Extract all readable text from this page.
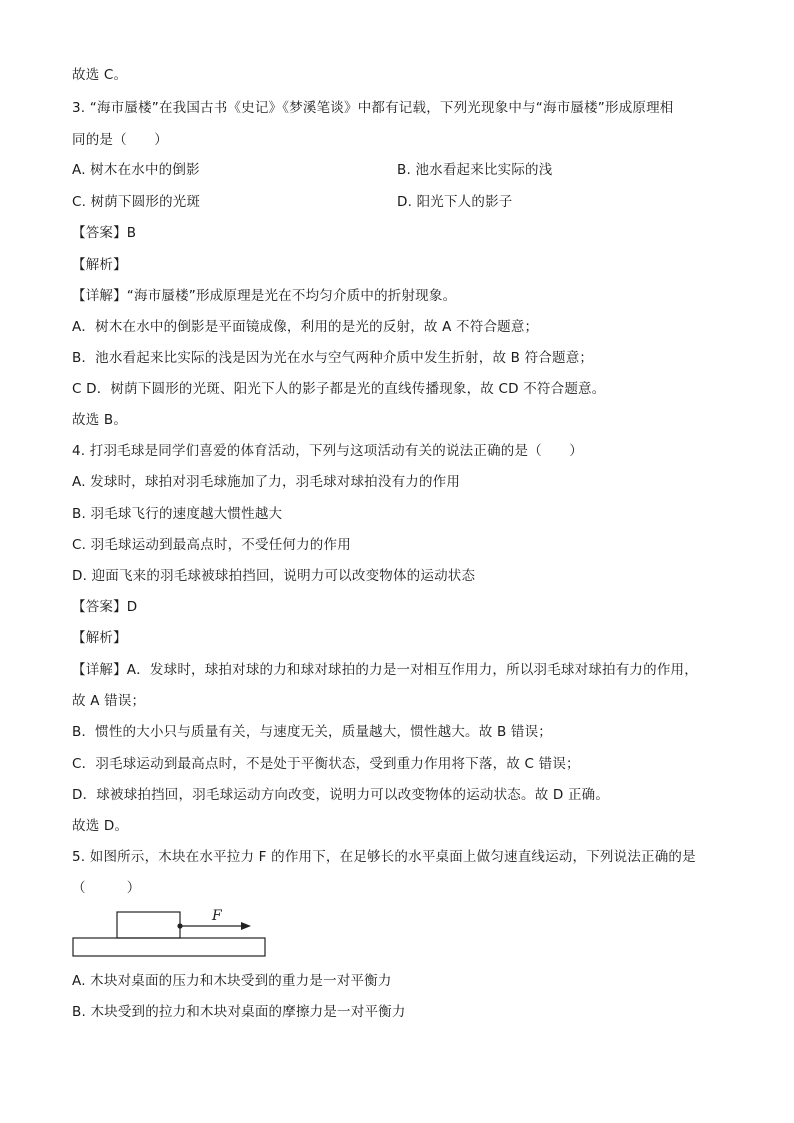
故选 C。
3. “海市蜃楼”在我国古书《史记》《梦溪笔谈》中都有记载，下列光现象中与“海市蜃楼”形成原理相
同的是（　　）
A. 树木在水中的倒影	B. 池水看起来比实际的浅
C. 树荫下圆形的光斑	D. 阳光下人的影子
【答案】B
【解析】
【详解】“海市蜃楼”形成原理是光在不均匀介质中的折射现象。
A．树木在水中的倒影是平面镜成像，利用的是光的反射，故 A 不符合题意；
B．池水看起来比实际的浅是因为光在水与空气两种介质中发生折射，故 B 符合题意；
C D．树荫下圆形的光斑、阳光下人的影子都是光的直线传播现象，故 CD 不符合题意。
故选 B。
4. 打羽毛球是同学们喜爱的体育活动，下列与这项活动有关的说法正确的是（　　）
A. 发球时，球拍对羽毛球施加了力，羽毛球对球拍没有力的作用
B. 羽毛球飞行的速度越大惯性越大
C. 羽毛球运动到最高点时，不受任何力的作用
D. 迎面飞来的羽毛球被球拍挡回，说明力可以改变物体的运动状态
【答案】D
【解析】
【详解】A．发球时，球拍对球的力和球对球拍的力是一对相互作用力，所以羽毛球对球拍有力的作用，
故 A 错误；
B．惯性的大小只与质量有关，与速度无关，质量越大，惯性越大。故 B 错误；
C．羽毛球运动到最高点时，不是处于平衡状态，受到重力作用将下落，故 C 错误；
D．球被球拍挡回，羽毛球运动方向改变，说明力可以改变物体的运动状态。故 D 正确。
故选 D。
5. 如图所示，木块在水平拉力 F 的作用下，在足够长的水平桌面上做匀速直线运动，下列说法正确的是
（　　　）
F
A. 木块对桌面的压力和木块受到的重力是一对平衡力
B. 木块受到的拉力和木块对桌面的摩擦力是一对平衡力
